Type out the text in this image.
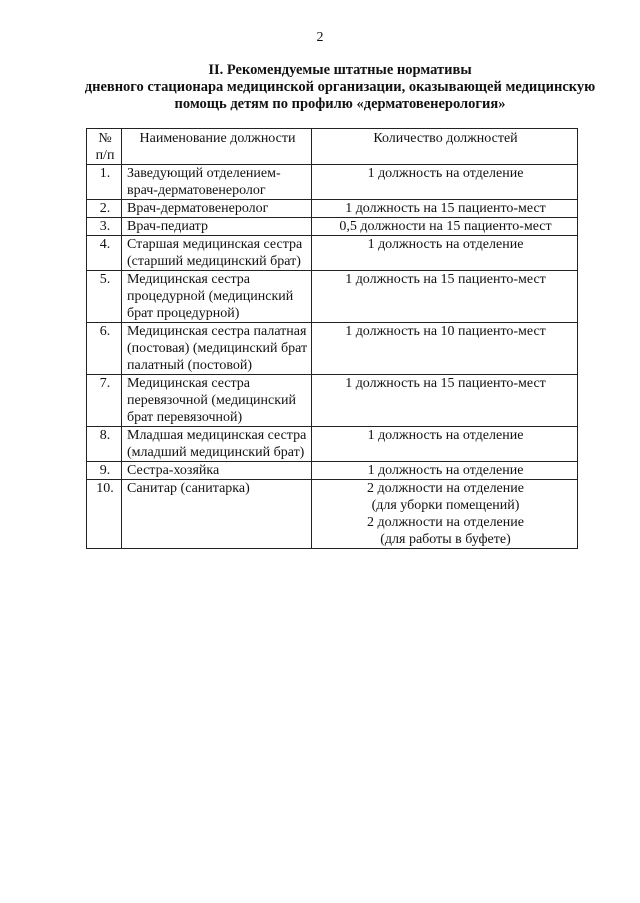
2
II. Рекомендуемые штатные нормативы
дневного стационара медицинской организации, оказывающей медицинскую
помощь детям по профилю «дерматовенерология»
№ п/п	Наименование должности	Количество должностей
1.	Заведующий отделением-врач-дерматовенеролог	1 должность на отделение

2.	Врач-дерматовенеролог	1 должность на 15 пациенто-мест

3.	Врач-педиатр	0,5 должности на 15 пациенто-мест

4.	Старшая медицинская сестра (старший медицинский брат)	1 должность на отделение

5.	Медицинская сестра процедурной (медицинский брат процедурной)	1 должность на 15 пациенто-мест

6.	Медицинская сестра палатная (постовая) (медицинский брат палатный (постовой)	1 должность на 10 пациенто-мест

7.	Медицинская сестра перевязочной (медицинский брат перевязочной)	1 должность на 15 пациенто-мест

8.	Младшая медицинская сестра (младший медицинский брат)	1 должность на отделение

9.	Сестра-хозяйка	1 должность на отделение

10.	Санитар (санитарка)	2 должности на отделение
(для уборки помещений)
2 должности на отделение
(для работы в буфете)
